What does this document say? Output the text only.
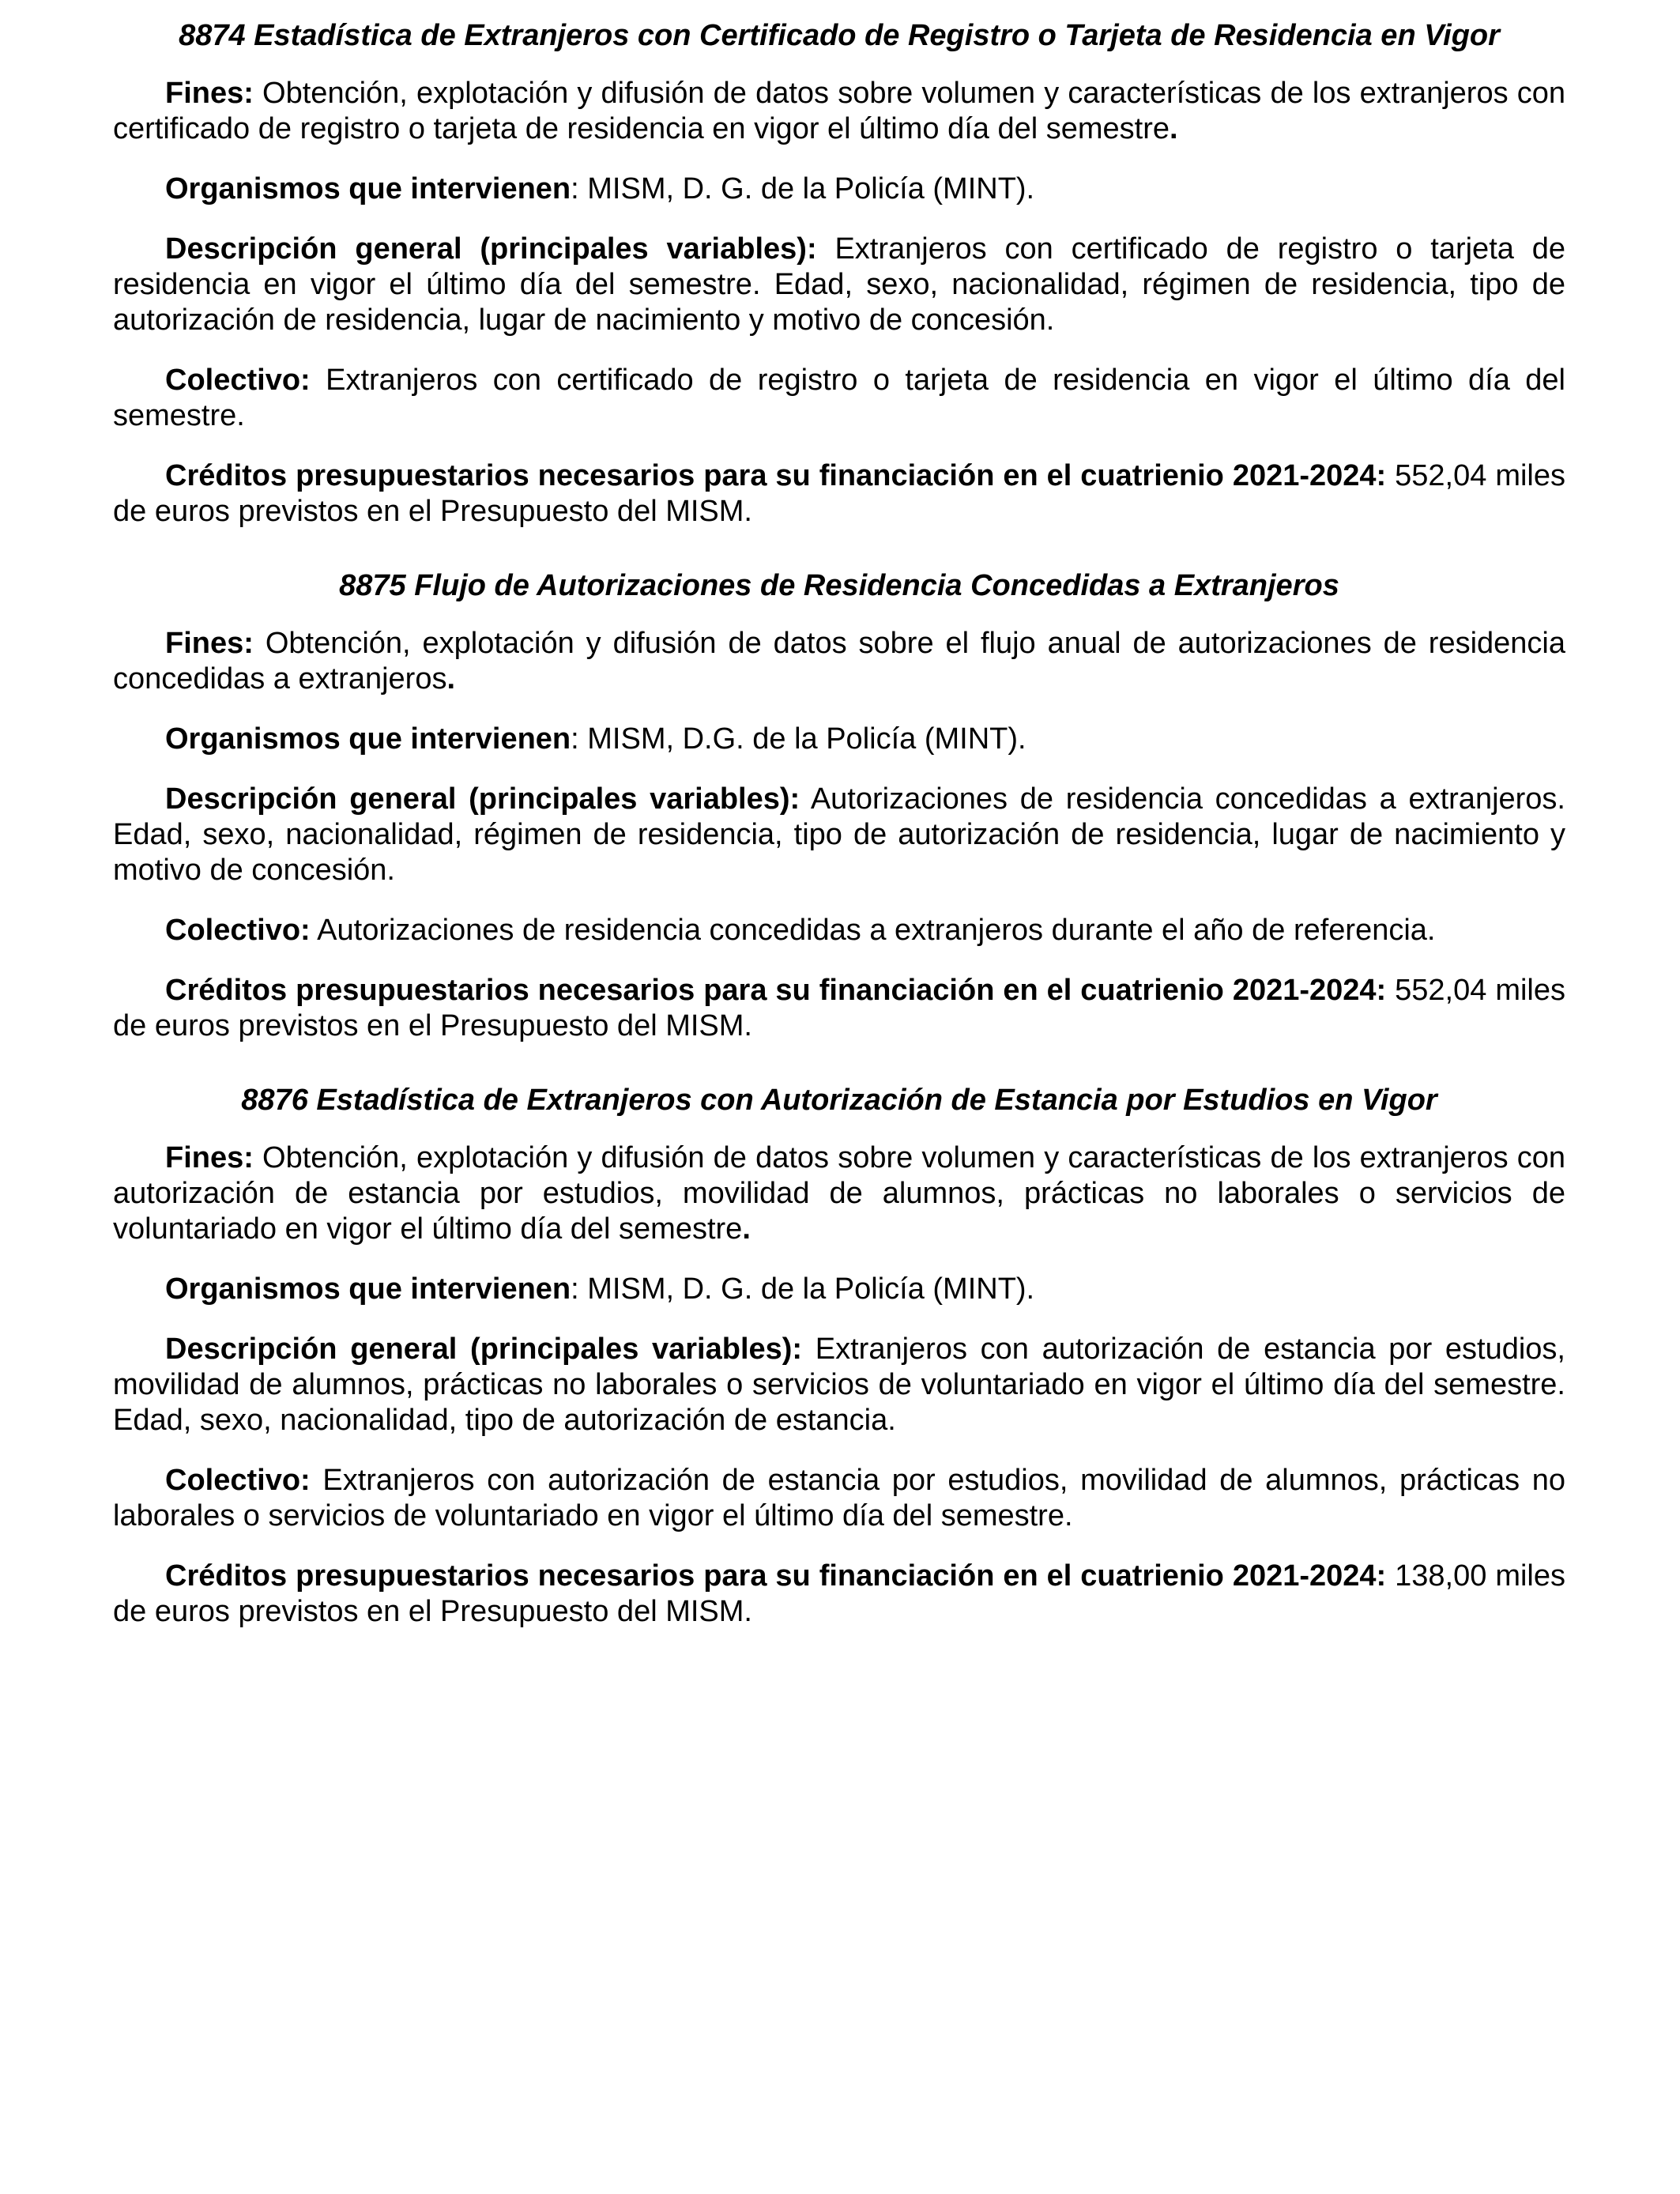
8874 Estadística de Extranjeros con Certificado de Registro o Tarjeta de Residencia en Vigor

Fines: Obtención, explotación y difusión de datos sobre volumen y características de los extranjeros con certificado de registro o tarjeta de residencia en vigor el último día del semestre.

Organismos que intervienen: MISM, D. G. de la Policía (MINT).

Descripción general (principales variables): Extranjeros con certificado de registro o tarjeta de residencia en vigor el último día del semestre. Edad, sexo, nacionalidad, régimen de residencia, tipo de autorización de residencia, lugar de nacimiento y motivo de concesión.

Colectivo: Extranjeros con certificado de registro o tarjeta de residencia en vigor el último día del semestre.

Créditos presupuestarios necesarios para su financiación en el cuatrienio 2021-2024: 552,04 miles de euros previstos en el Presupuesto del MISM.

8875 Flujo de Autorizaciones de Residencia Concedidas a Extranjeros

Fines: Obtención, explotación y difusión de datos sobre el flujo anual de autorizaciones de residencia concedidas a extranjeros.

Organismos que intervienen: MISM, D.G. de la Policía (MINT).

Descripción general (principales variables): Autorizaciones de residencia concedidas a extranjeros. Edad, sexo, nacionalidad, régimen de residencia, tipo de autorización de residencia, lugar de nacimiento y motivo de concesión.

Colectivo: Autorizaciones de residencia concedidas a extranjeros durante el año de referencia.

Créditos presupuestarios necesarios para su financiación en el cuatrienio 2021-2024: 552,04 miles de euros previstos en el Presupuesto del MISM.

8876 Estadística de Extranjeros con Autorización de Estancia por Estudios en Vigor

Fines: Obtención, explotación y difusión de datos sobre volumen y características de los extranjeros con autorización de estancia por estudios, movilidad de alumnos, prácticas no laborales o servicios de voluntariado en vigor el último día del semestre.

Organismos que intervienen: MISM, D. G. de la Policía (MINT).

Descripción general (principales variables): Extranjeros con autorización de estancia por estudios, movilidad de alumnos, prácticas no laborales o servicios de voluntariado en vigor el último día del semestre. Edad, sexo, nacionalidad, tipo de autorización de estancia.

Colectivo: Extranjeros con autorización de estancia por estudios, movilidad de alumnos, prácticas no laborales o servicios de voluntariado en vigor el último día del semestre.

Créditos presupuestarios necesarios para su financiación en el cuatrienio 2021-2024: 138,00 miles de euros previstos en el Presupuesto del MISM.
